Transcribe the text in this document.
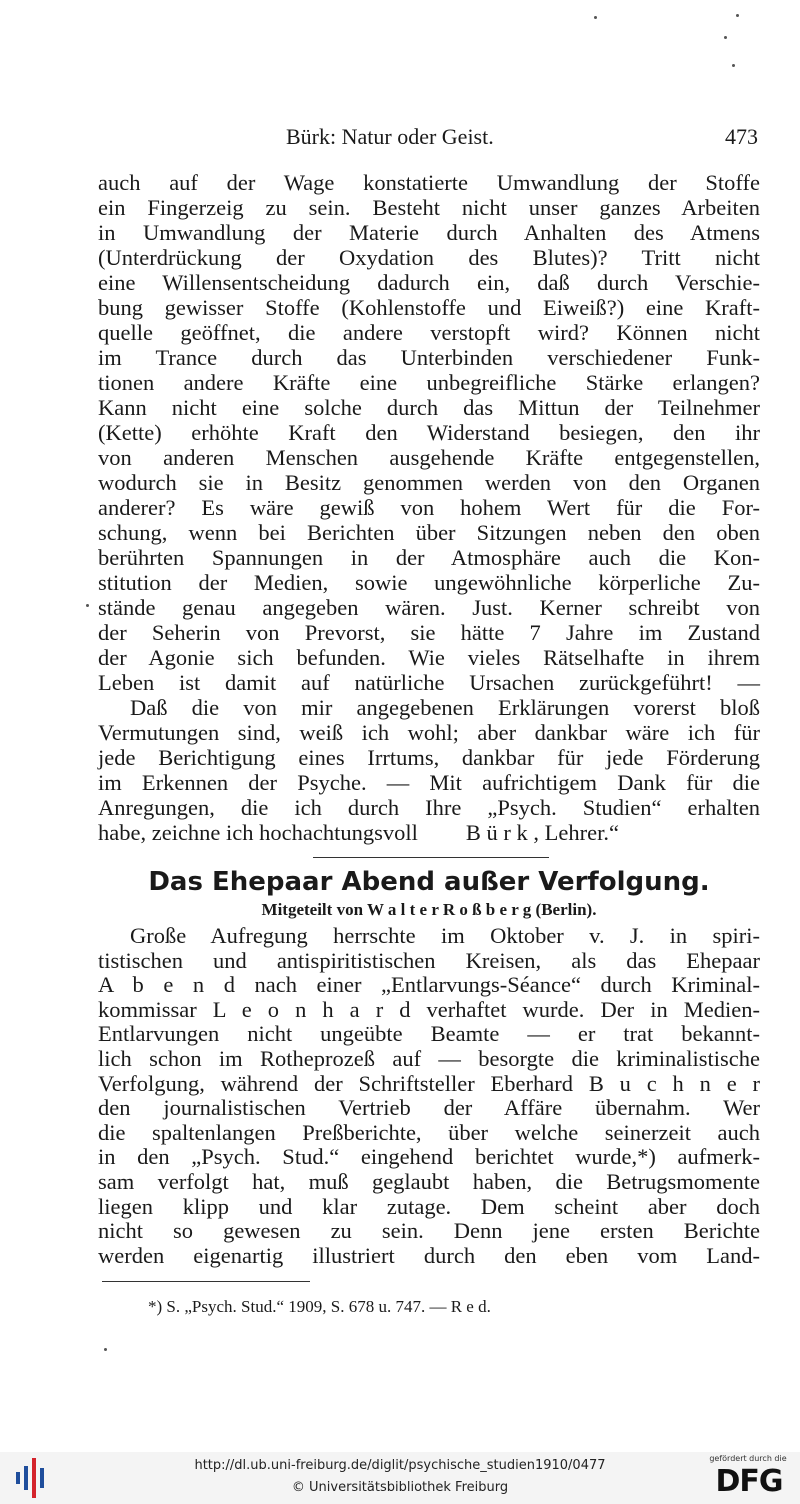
Bürk: Natur oder Geist.	473
auch auf der Wage konstatierte Umwandlung der Stoffe
ein Fingerzeig zu sein. Besteht nicht unser ganzes Arbeiten
in Umwandlung der Materie durch Anhalten des Atmens
(Unterdrückung der Oxydation des Blutes)? Tritt nicht
eine Willensentscheidung dadurch ein, daß durch Verschie-
bung gewisser Stoffe (Kohlenstoffe und Eiweiß?) eine Kraft-
quelle geöffnet, die andere verstopft wird? Können nicht
im Trance durch das Unterbinden verschiedener Funk-
tionen andere Kräfte eine unbegreifliche Stärke erlangen?
Kann nicht eine solche durch das Mittun der Teilnehmer
(Kette) erhöhte Kraft den Widerstand besiegen, den ihr
von anderen Menschen ausgehende Kräfte entgegenstellen,
wodurch sie in Besitz genommen werden von den Organen
anderer? Es wäre gewiß von hohem Wert für die For-
schung, wenn bei Berichten über Sitzungen neben den oben
berührten Spannungen in der Atmosphäre auch die Kon-
stitution der Medien, sowie ungewöhnliche körperliche Zu-
stände genau angegeben wären. Just. Kerner schreibt von
der Seherin von Prevorst, sie hätte 7 Jahre im Zustand
der Agonie sich befunden. Wie vieles Rätselhafte in ihrem
Leben ist damit auf natürliche Ursachen zurückgeführt! —
Daß die von mir angegebenen Erklärungen vorerst bloß
Vermutungen sind, weiß ich wohl; aber dankbar wäre ich für
jede Berichtigung eines Irrtums, dankbar für jede Förderung
im Erkennen der Psyche. — Mit aufrichtigem Dank für die
Anregungen, die ich durch Ihre „Psych. Studien“ erhalten
habe, zeichne ich hochachtungsvoll B ü r k , Lehrer.“
Das Ehepaar Abend außer Verfolgung.
Mitgeteilt von W a l t e r R o ß b e r g (Berlin).
Große Aufregung herrschte im Oktober v. J. in spiri-
tistischen und antispiritistischen Kreisen, als das Ehepaar
A b e n d nach einer „Entlarvungs-Séance“ durch Kriminal-
kommissar L e o n h a r d verhaftet wurde. Der in Medien-
Entlarvungen nicht ungeübte Beamte — er trat bekannt-
lich schon im Rotheprozeß auf — besorgte die kriminalistische
Verfolgung, während der Schriftsteller Eberhard B u c h n e r
den journalistischen Vertrieb der Affäre übernahm. Wer
die spaltenlangen Preßberichte, über welche seinerzeit auch
in den „Psych. Stud.“ eingehend berichtet wurde,*) aufmerk-
sam verfolgt hat, muß geglaubt haben, die Betrugsmomente
liegen klipp und klar zutage. Dem scheint aber doch
nicht so gewesen zu sein. Denn jene ersten Berichte
werden eigenartig illustriert durch den eben vom Land-
*) S. „Psych. Stud.“ 1909, S. 678 u. 747. — R e d.
http://dl.ub.uni-freiburg.de/diglit/psychische_studien1910/0477
© Universitätsbibliothek Freiburg
gefördert durch die
DFG
